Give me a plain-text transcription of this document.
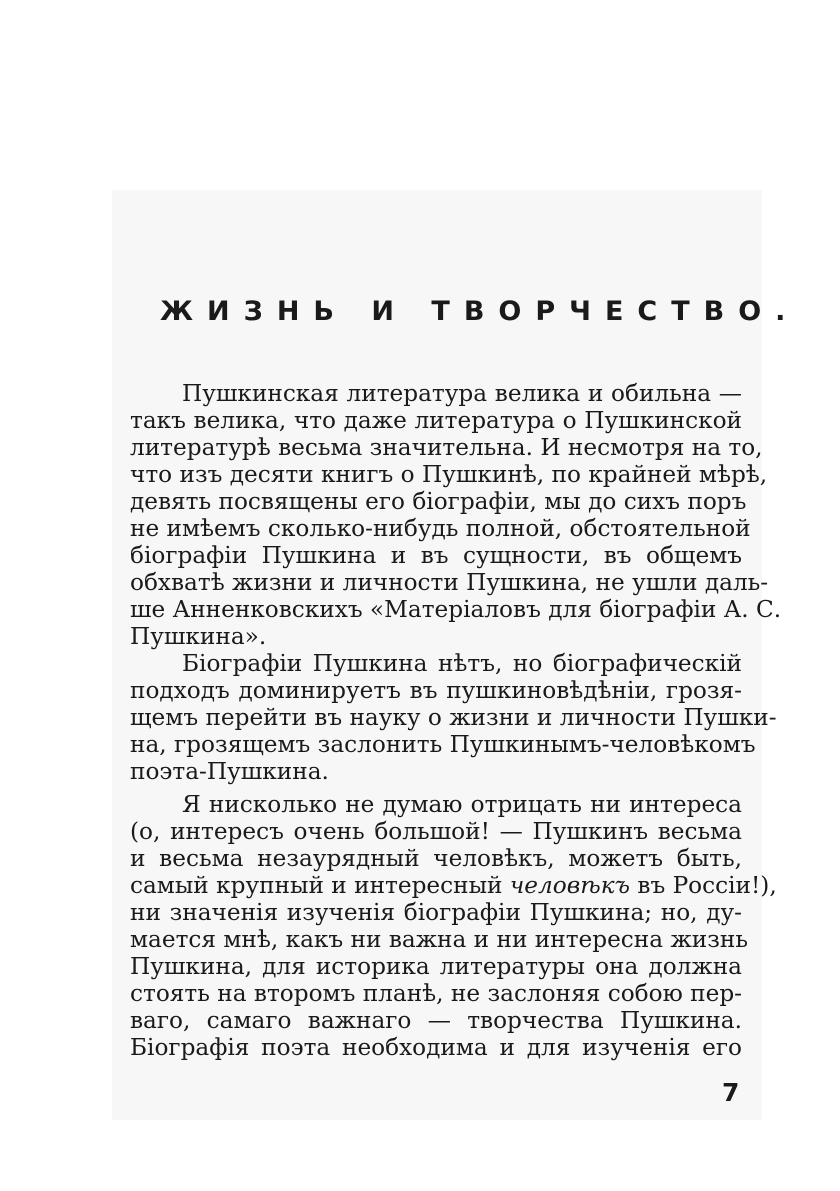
ЖИЗНЬ И ТВОРЧЕСТВО.
Пушкинская литература велика и обильна —
такъ велика, что даже литература о Пушкинской
литературѣ весьма значительна. И несмотря на то,
что изъ десяти книгъ о Пушкинѣ, по крайней мѣрѣ,
девять посвящены его біографіи, мы до сихъ поръ
не имѣемъ сколько-нибудь полной, обстоятельной
біографіи Пушкина и въ сущности, въ общемъ
обхватѣ жизни и личности Пушкина, не ушли даль-
ше Анненковскихъ «Матеріаловъ для біографіи А. С.
Пушкина».
Біографіи Пушкина нѣтъ, но біографическій
подходъ доминируетъ въ пушкиновѣдѣніи, грозя-
щемъ перейти въ науку о жизни и личности Пушки-
на, грозящемъ заслонить Пушкинымъ-человѣкомъ
поэта-Пушкина.
Я нисколько не думаю отрицать ни интереса
(о, интересъ очень большой! — Пушкинъ весьма
и весьма незаурядный человѣкъ, можетъ быть,
самый крупный и интересный человѣкъ въ Россіи!),
ни значенія изученія біографіи Пушкина; но, ду-
мается мнѣ, какъ ни важна и ни интересна жизнь
Пушкина, для историка литературы она должна
стоять на второмъ планѣ, не заслоняя собою пер-
ваго, самаго важнаго — творчества Пушкина.
Біографія поэта необходима и для изученія его
7
